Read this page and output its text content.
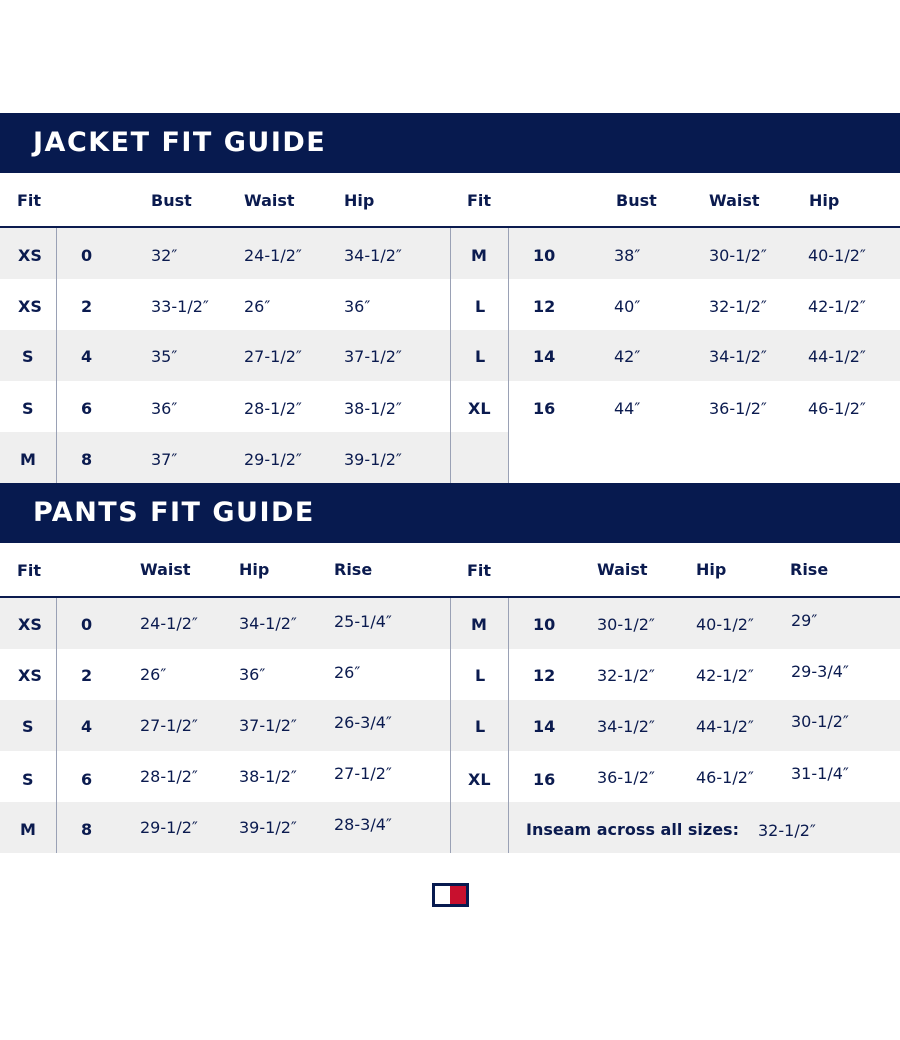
JACKET FIT GUIDE
Fit	Bust	Waist	Hip	Fit	Bust	Waist	Hip
XS 0	32″	24-1/2″	34-1/2″
XS 2	33-1/2″ 26″	36″
S	4	35″	27-1/2″	37-1/2″
S	6	36″	28-1/2″	38-1/2″
M	8	37″	29-1/2″	39-1/2″
M	10	38″	30-1/2″	40-1/2″
L	12	40″	32-1/2″	42-1/2″
L	14	42″	34-1/2″	44-1/2″
XL	16	44″	36-1/2″	46-1/2″
PANTS FIT GUIDE
Fit	Waist	Hip	Rise	Fit	Waist	Hip	Rise
XS 0	24-1/2″	34-1/2″ 25-1/4″
XS 2	26″	36″	26″
S	4	27-1/2″	37-1/2″ 26-3/4″
S	6	28-1/2″	38-1/2″ 27-1/2″
M	8	29-1/2″	39-1/2″ 28-3/4″
M	10	30-1/2″	40-1/2″ 29″
L	12	32-1/2″	42-1/2″ 29-3/4″
L	14	34-1/2″	44-1/2″ 30-1/2″
XL	16	36-1/2″	46-1/2″ 31-1/4″
Inseam across all sizes: 32-1/2″
